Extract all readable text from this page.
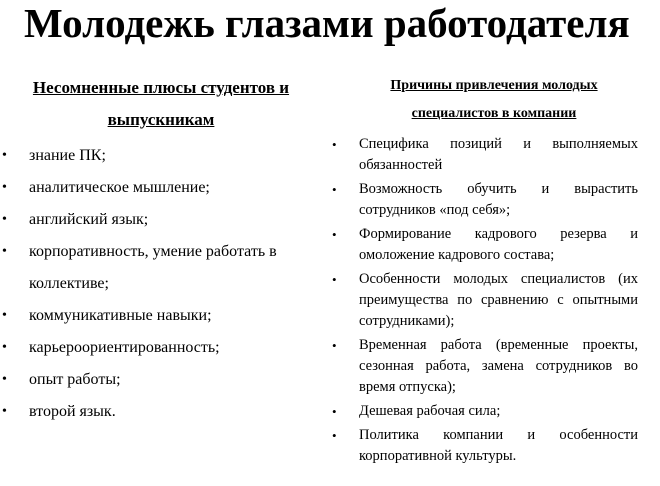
Молодежь глазами работодателя

Несомненные плюсы студентов и выпускникам

• знание ПК;
• аналитическое мышление;
• английский язык;
• корпоративность, умение работать в коллективе;
• коммуникативные навыки;
• карьероориентированность;
• опыт работы;
• второй язык.

Причины привлечения молодых специалистов в компании

• Специфика позиций и выполняемых обязанностей
• Возможность обучить и вырастить сотрудников «под себя»;
• Формирование кадрового резерва и омоложение кадрового состава;
• Особенности молодых специалистов (их преимущества по сравнению с опытными сотрудниками);
• Временная работа (временные проекты, сезонная работа, замена сотрудников во время отпуска);
• Дешевая рабочая сила;
• Политика компании и особенности корпоративной культуры.
